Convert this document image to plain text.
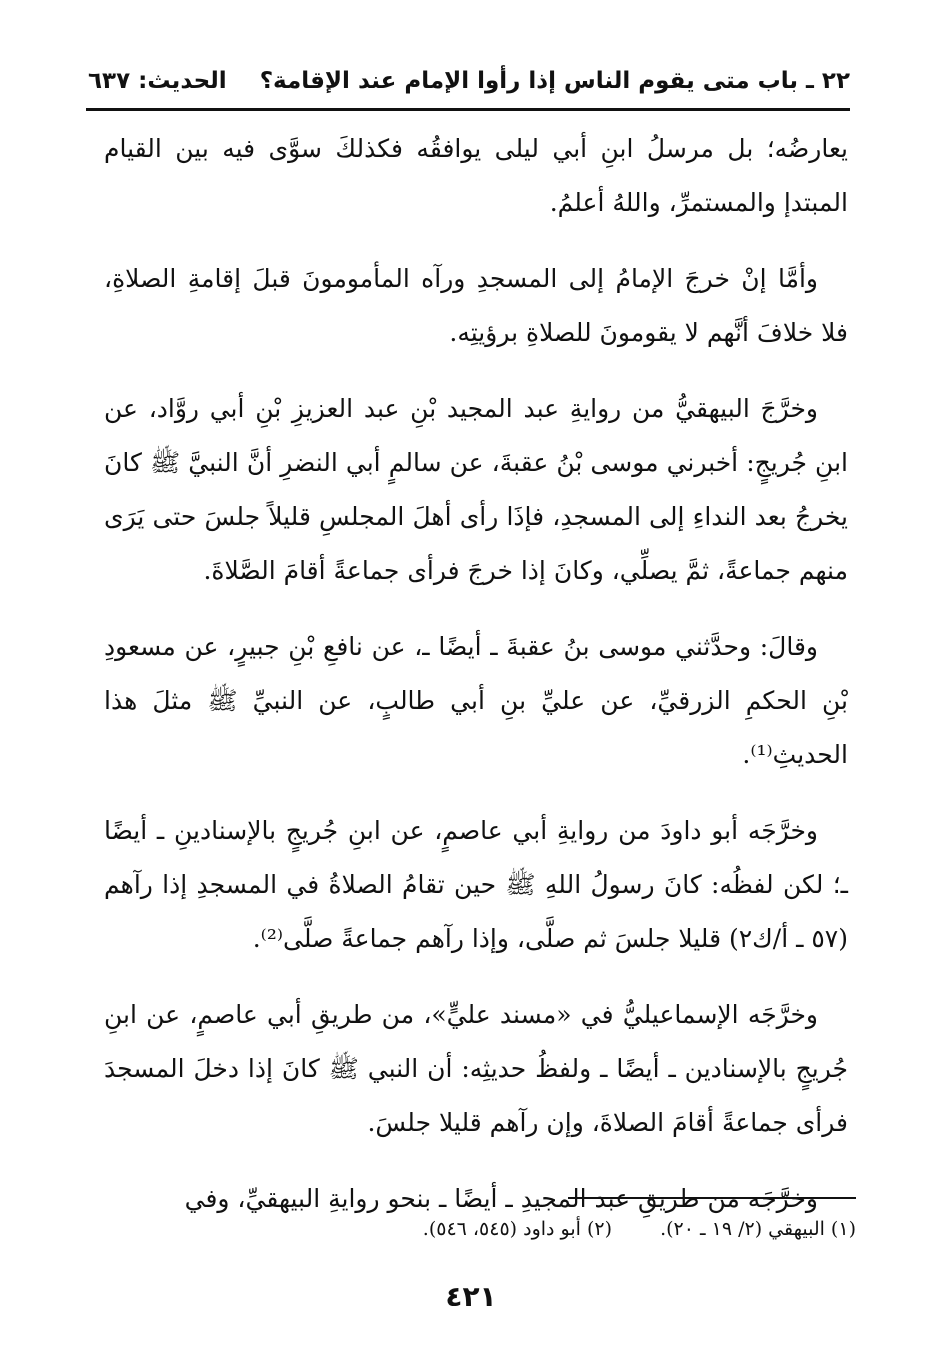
٢٢ ـ باب متى يقوم الناس إذا رأوا الإمام عند الإقامة؟
الحديث: ٦٣٧

يعارضُه؛ بل مرسلُ ابنِ أبي ليلى يوافقُه فكذلكَ سوَّى فيه بين القيام المبتدإ والمستمرِّ، واللهُ أعلمُ.

وأمَّا إنْ خرجَ الإمامُ إلى المسجدِ ورآه المأمومونَ قبلَ إقامةِ الصلاةِ، فلا خلافَ أنَّهم لا يقومونَ للصلاةِ برؤيتِه.

وخرَّجَ البيهقيُّ من روايةِ عبد المجيد بْنِ عبد العزيزِ بْنِ أبي روَّاد، عن ابنِ جُريجٍ: أخبرني موسى بْنُ عقبةَ، عن سالمٍ أبي النضرِ أنَّ النبيَّ ﷺ كانَ يخرجُ بعد النداءِ إلى المسجدِ، فإذَا رأى أهلَ المجلسِ قليلاً جلسَ حتى يَرَى منهم جماعةً، ثمَّ يصلِّي، وكانَ إذا خرجَ فرأى جماعةً أقامَ الصَّلاةَ.

وقالَ: وحدَّثني موسى بنُ عقبةَ ـ أيضًا ـ، عن نافعِ بْنِ جبيرٍ، عن مسعودِ بْنِ الحكمِ الزرقيِّ، عن عليِّ بنِ أبي طالبٍ، عن النبيِّ ﷺ مثلَ هذا الحديثِ⁽¹⁾.

وخرَّجَه أبو داودَ من روايةِ أبي عاصمٍ، عن ابنِ جُريجٍ بالإسنادينِ ـ أيضًا ـ؛ لكن لفظُه: كانَ رسولُ اللهِ ﷺ حين تقامُ الصلاةُ في المسجدِ إذا رآهم (٥٧ ـ أ/ك٢) قليلا جلسَ ثم صلَّى، وإذا رآهم جماعةً صلَّى⁽²⁾.

وخرَّجَه الإسماعيليُّ في «مسند عليٍّ»، من طريقِ أبي عاصمٍ، عن ابنِ جُريجٍ بالإسنادين ـ أيضًا ـ ولفظُ حديثِه: أن النبي ﷺ كانَ إذا دخلَ المسجدَ فرأى جماعةً أقامَ الصلاةَ، وإن رآهم قليلا جلسَ.

وخرَّجَه من طريقِ عبد المجيدِ ـ أيضًا ـ بنحو روايةِ البيهقيِّ، وفي

(١) البيهقي (٢/ ١٩ ـ ٢٠).
(٢) أبو داود (٥٤٥، ٥٤٦).
٤٢١
